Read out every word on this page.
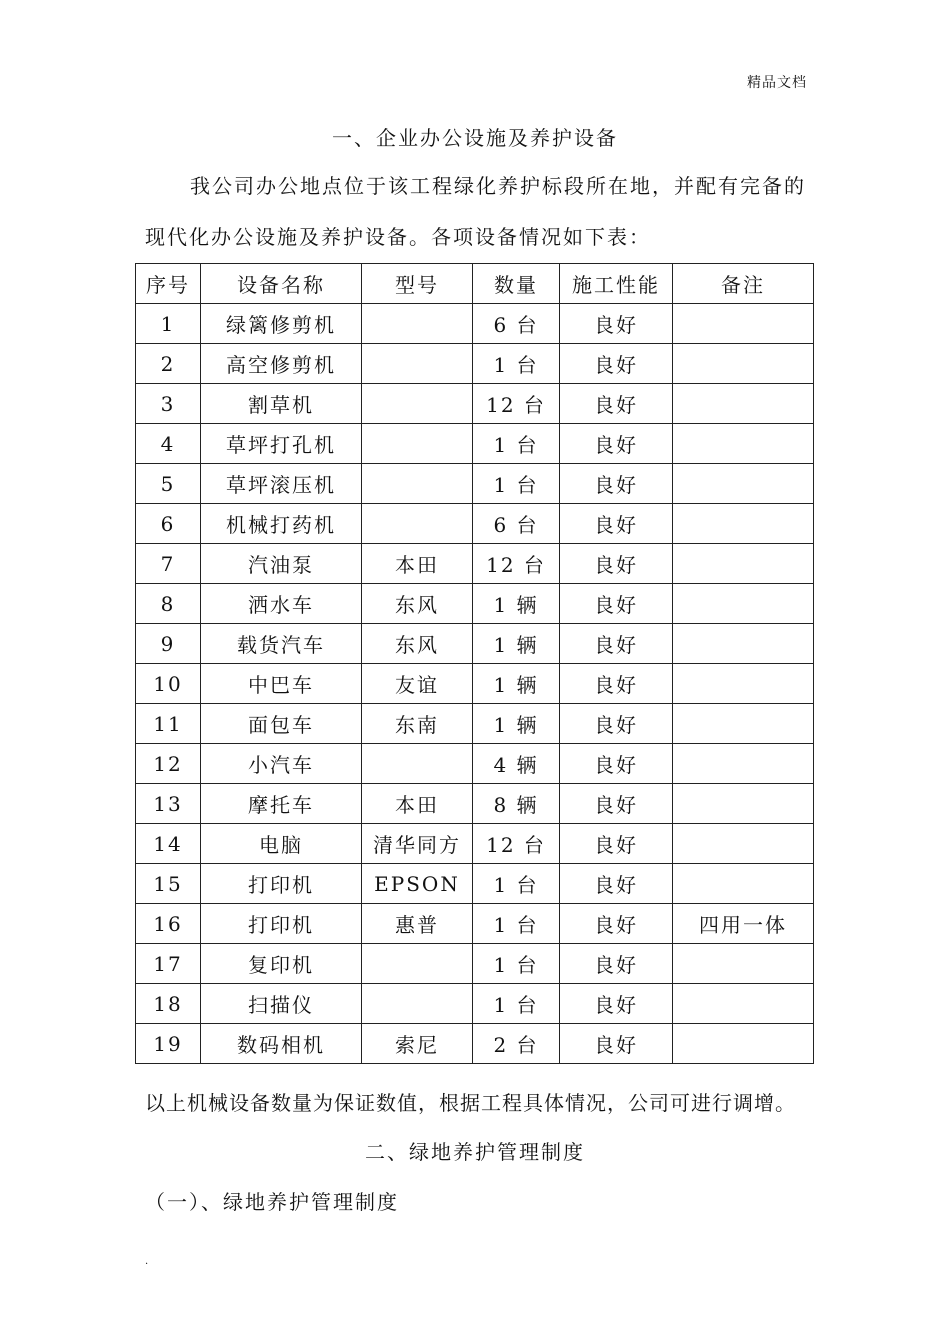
精品文档
一、企业办公设施及养护设备
我公司办公地点位于该工程绿化养护标段所在地，并配有完备的
现代化办公设施及养护设备。各项设备情况如下表：
序号	设备名称	型号	数量	施工性能	备注
1	绿篱修剪机		6 台	良好	
2	高空修剪机		1 台	良好	
3	割草机		12 台	良好	
4	草坪打孔机		1 台	良好	
5	草坪滚压机		1 台	良好	
6	机械打药机		6 台	良好	
7	汽油泵	本田	12 台	良好	
8	洒水车	东风	1 辆	良好	
9	载货汽车	东风	1 辆	良好	
10	中巴车	友谊	1 辆	良好	
11	面包车	东南	1 辆	良好	
12	小汽车		4 辆	良好	
13	摩托车	本田	8 辆	良好	
14	电脑	清华同方	12 台	良好	
15	打印机	EPSON	1 台	良好	
16	打印机	惠普	1 台	良好	四用一体
17	复印机		1 台	良好	
18	扫描仪		1 台	良好	
19	数码相机	索尼	2 台	良好	
以上机械设备数量为保证数值，根据工程具体情况，公司可进行调增。
二、绿地养护管理制度
（一）、绿地养护管理制度
.
